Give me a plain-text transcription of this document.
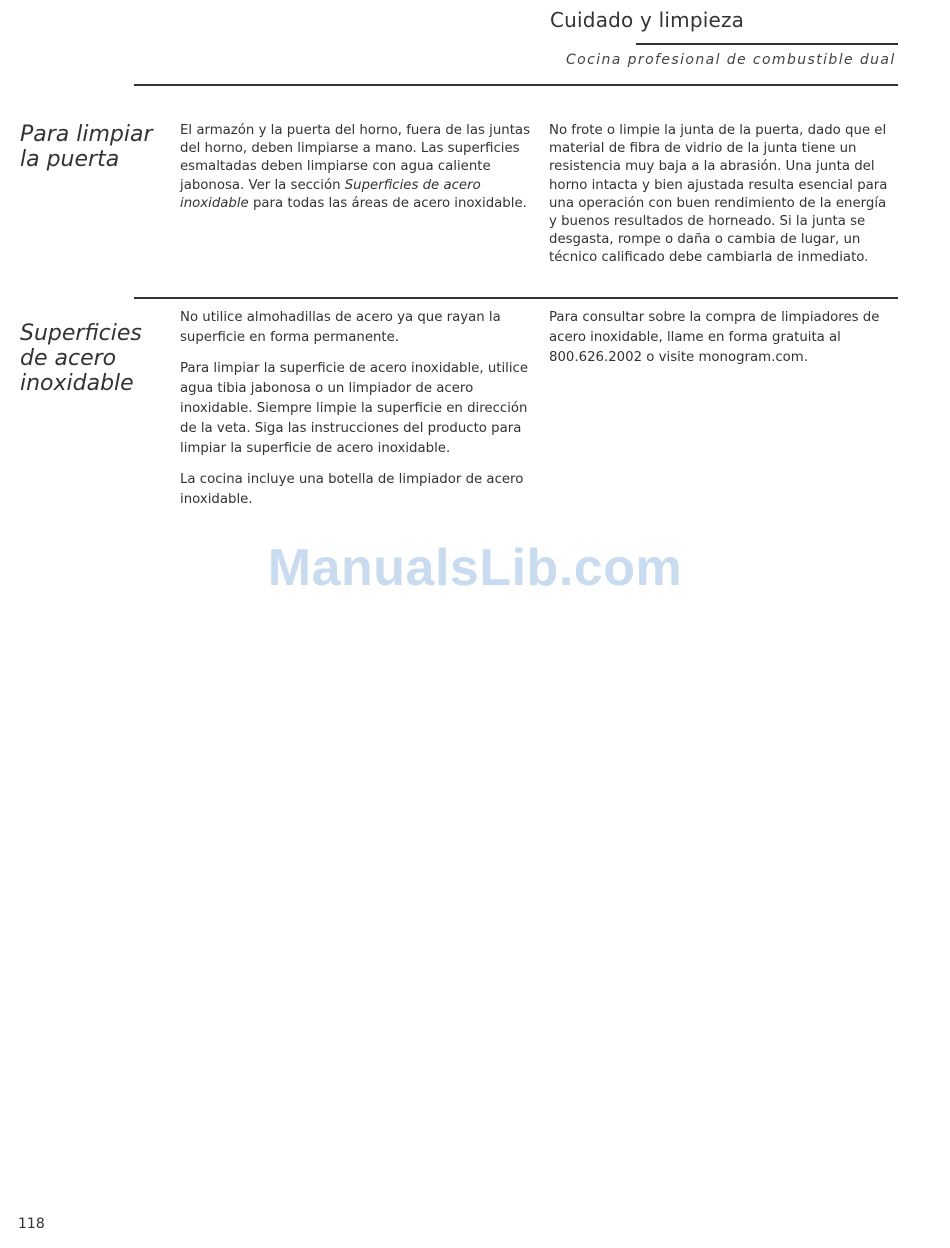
Cuidado y limpieza
Cocina profesional de combustible dual
Para limpiar
la puerta

El armazón y la puerta del horno, fuera de las juntas del horno, deben limpiarse a mano. Las superficies esmaltadas deben limpiarse con agua caliente jabonosa. Ver la sección Superficies de acero inoxidable para todas las áreas de acero inoxidable.

No frote o limpie la junta de la puerta, dado que el material de fibra de vidrio de la junta tiene un resistencia muy baja a la abrasión. Una junta del horno intacta y bien ajustada resulta esencial para una operación con buen rendimiento de la energía y buenos resultados de horneado. Si la junta se desgasta, rompe o daña o cambia de lugar, un técnico calificado debe cambiarla de inmediato.

Superficies
de acero
inoxidable

No utilice almohadillas de acero ya que rayan la superficie en forma permanente.

Para limpiar la superficie de acero inoxidable, utilice agua tibia jabonosa o un limpiador de acero inoxidable. Siempre limpie la superficie en dirección de la veta. Siga las instrucciones del producto para limpiar la superficie de acero inoxidable.

La cocina incluye una botella de limpiador de acero inoxidable.

Para consultar sobre la compra de limpiadores de acero inoxidable, llame en forma gratuita al 800.626.2002 o visite monogram.com.

ManualsLib.com
118
